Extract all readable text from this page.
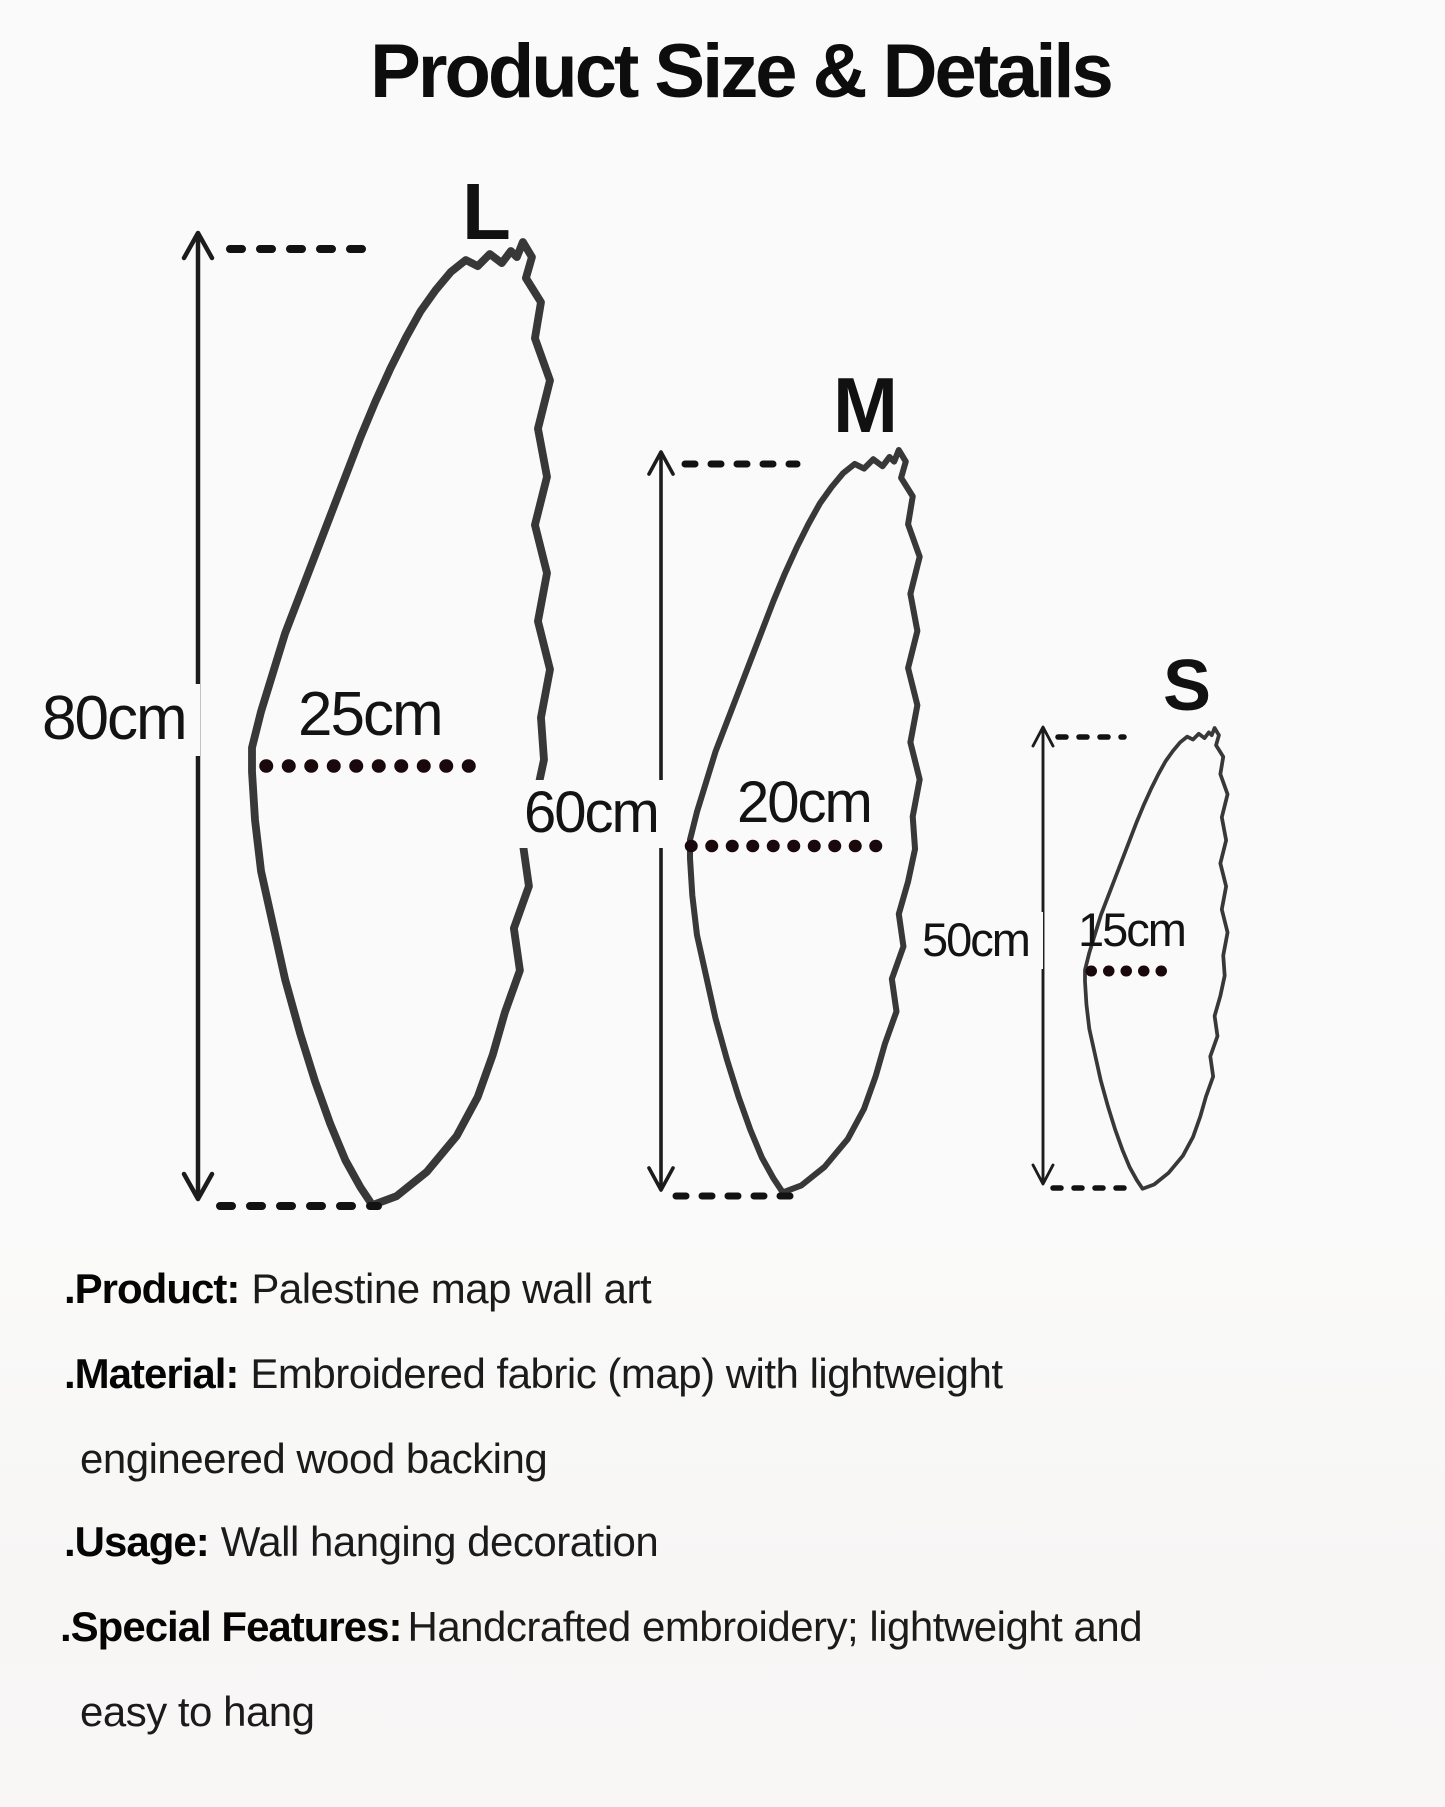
Product Size & Details
L
M
S
80cm 25cm
60cm 20cm
50cm 15cm
.Product: Palestine map wall art
.Material: Embroidered fabric (map) with lightweight
engineered wood backing
.Usage: Wall hanging decoration
.Special Features: Handcrafted embroidery; lightweight and
easy to hang
